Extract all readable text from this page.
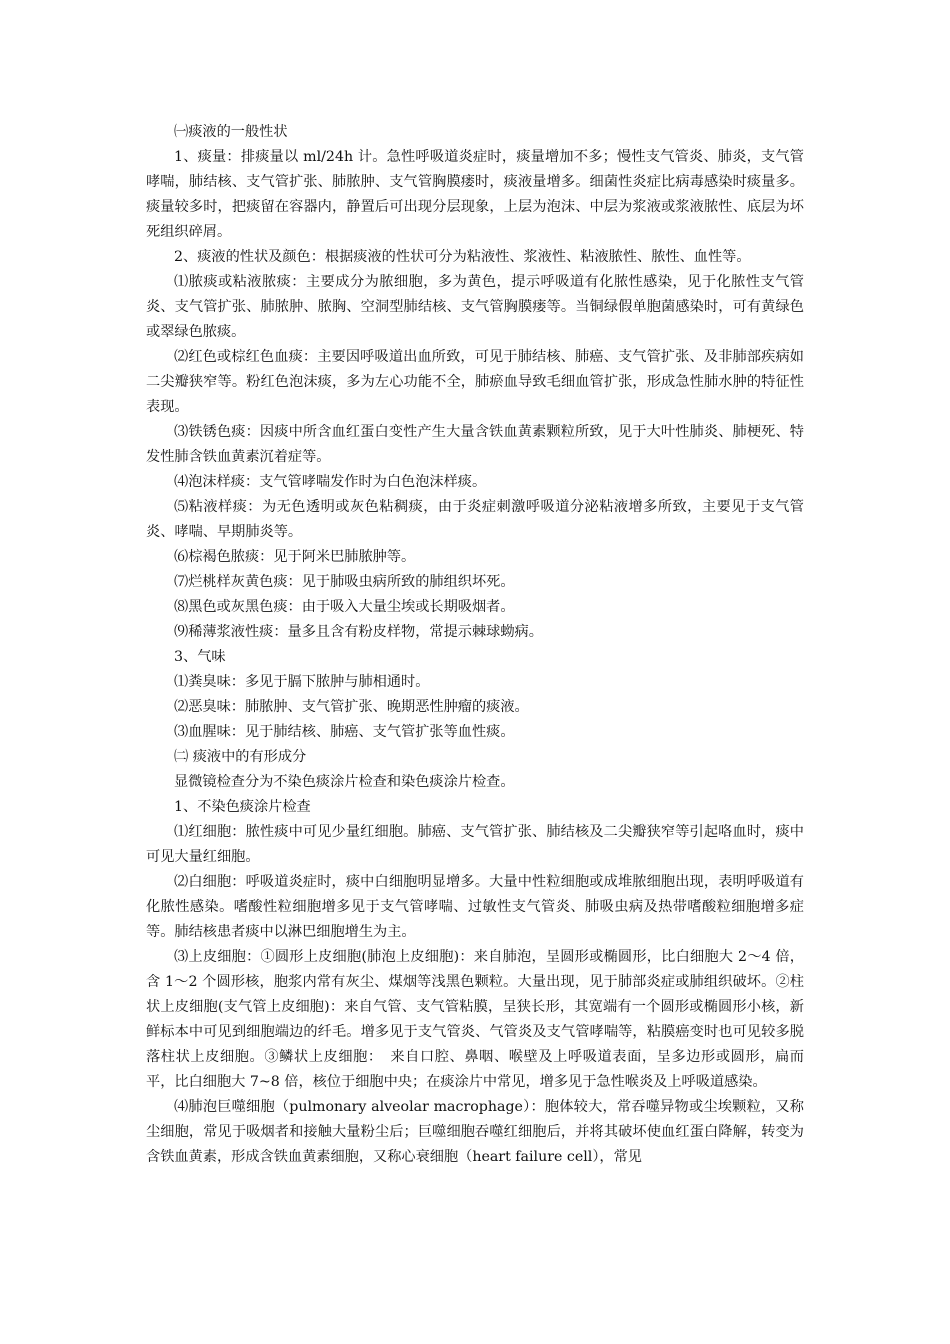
㈠痰液的一般性状

1、痰量：排痰量以 ml/24h 计。急性呼吸道炎症时，痰量增加不多；慢性支气管炎、肺炎，支气管哮喘，肺结核、支气管扩张、肺脓肿、支气管胸膜瘘时，痰液量增多。细菌性炎症比病毒感染时痰量多。痰量较多时，把痰留在容器内，静置后可出现分层现象，上层为泡沫、中层为浆液或浆液脓性、底层为坏死组织碎屑。

2、痰液的性状及颜色：根据痰液的性状可分为粘液性、浆液性、粘液脓性、脓性、血性等。

⑴脓痰或粘液脓痰：主要成分为脓细胞，多为黄色，提示呼吸道有化脓性感染，见于化脓性支气管炎、支气管扩张、肺脓肿、脓胸、空洞型肺结核、支气管胸膜瘘等。当铜绿假单胞菌感染时，可有黄绿色或翠绿色脓痰。

⑵红色或棕红色血痰：主要因呼吸道出血所致，可见于肺结核、肺癌、支气管扩张、及非肺部疾病如二尖瓣狭窄等。粉红色泡沫痰，多为左心功能不全，肺瘀血导致毛细血管扩张，形成急性肺水肿的特征性表现。

⑶铁锈色痰：因痰中所含血红蛋白变性产生大量含铁血黄素颗粒所致，见于大叶性肺炎、肺梗死、特发性肺含铁血黄素沉着症等。

⑷泡沫样痰：支气管哮喘发作时为白色泡沫样痰。

⑸粘液样痰：为无色透明或灰色粘稠痰，由于炎症刺激呼吸道分泌粘液增多所致，主要见于支气管炎、哮喘、早期肺炎等。

⑹棕褐色脓痰：见于阿米巴肺脓肿等。

⑺烂桃样灰黄色痰：见于肺吸虫病所致的肺组织坏死。

⑻黑色或灰黑色痰：由于吸入大量尘埃或长期吸烟者。

⑼稀薄浆液性痰：量多且含有粉皮样物，常提示棘球蚴病。

3、气味

⑴粪臭味：多见于膈下脓肿与肺相通时。

⑵恶臭味：肺脓肿、支气管扩张、晚期恶性肿瘤的痰液。

⑶血腥味：见于肺结核、肺癌、支气管扩张等血性痰。

㈡ 痰液中的有形成分

显微镜检查分为不染色痰涂片检查和染色痰涂片检查。

1、不染色痰涂片检查

⑴红细胞：脓性痰中可见少量红细胞。肺癌、支气管扩张、肺结核及二尖瓣狭窄等引起咯血时，痰中可见大量红细胞。

⑵白细胞：呼吸道炎症时，痰中白细胞明显增多。大量中性粒细胞或成堆脓细胞出现，表明呼吸道有化脓性感染。嗜酸性粒细胞增多见于支气管哮喘、过敏性支气管炎、肺吸虫病及热带嗜酸粒细胞增多症等。肺结核患者痰中以淋巴细胞增生为主。

⑶上皮细胞：①圆形上皮细胞(肺泡上皮细胞)：来自肺泡，呈圆形或椭圆形，比白细胞大 2～4 倍，含 1～2 个圆形核，胞浆内常有灰尘、煤烟等浅黑色颗粒。大量出现，见于肺部炎症或肺组织破坏。②柱状上皮细胞(支气管上皮细胞)：来自气管、支气管粘膜，呈狭长形，其宽端有一个圆形或椭圆形小核，新鲜标本中可见到细胞端边的纤毛。增多见于支气管炎、气管炎及支气管哮喘等，粘膜癌变时也可见较多脱落柱状上皮细胞。③鳞状上皮细胞：　来自口腔、鼻咽、喉壁及上呼吸道表面，呈多边形或圆形，扁而平，比白细胞大 7~8 倍，核位于细胞中央；在痰涂片中常见，增多见于急性喉炎及上呼吸道感染。

⑷肺泡巨噬细胞（pulmonary alveolar macrophage）：胞体较大，常吞噬异物或尘埃颗粒，又称尘细胞，常见于吸烟者和接触大量粉尘后；巨噬细胞吞噬红细胞后，并将其破坏使血红蛋白降解，转变为含铁血黄素，形成含铁血黄素细胞，又称心衰细胞（heart failure cell），常见
